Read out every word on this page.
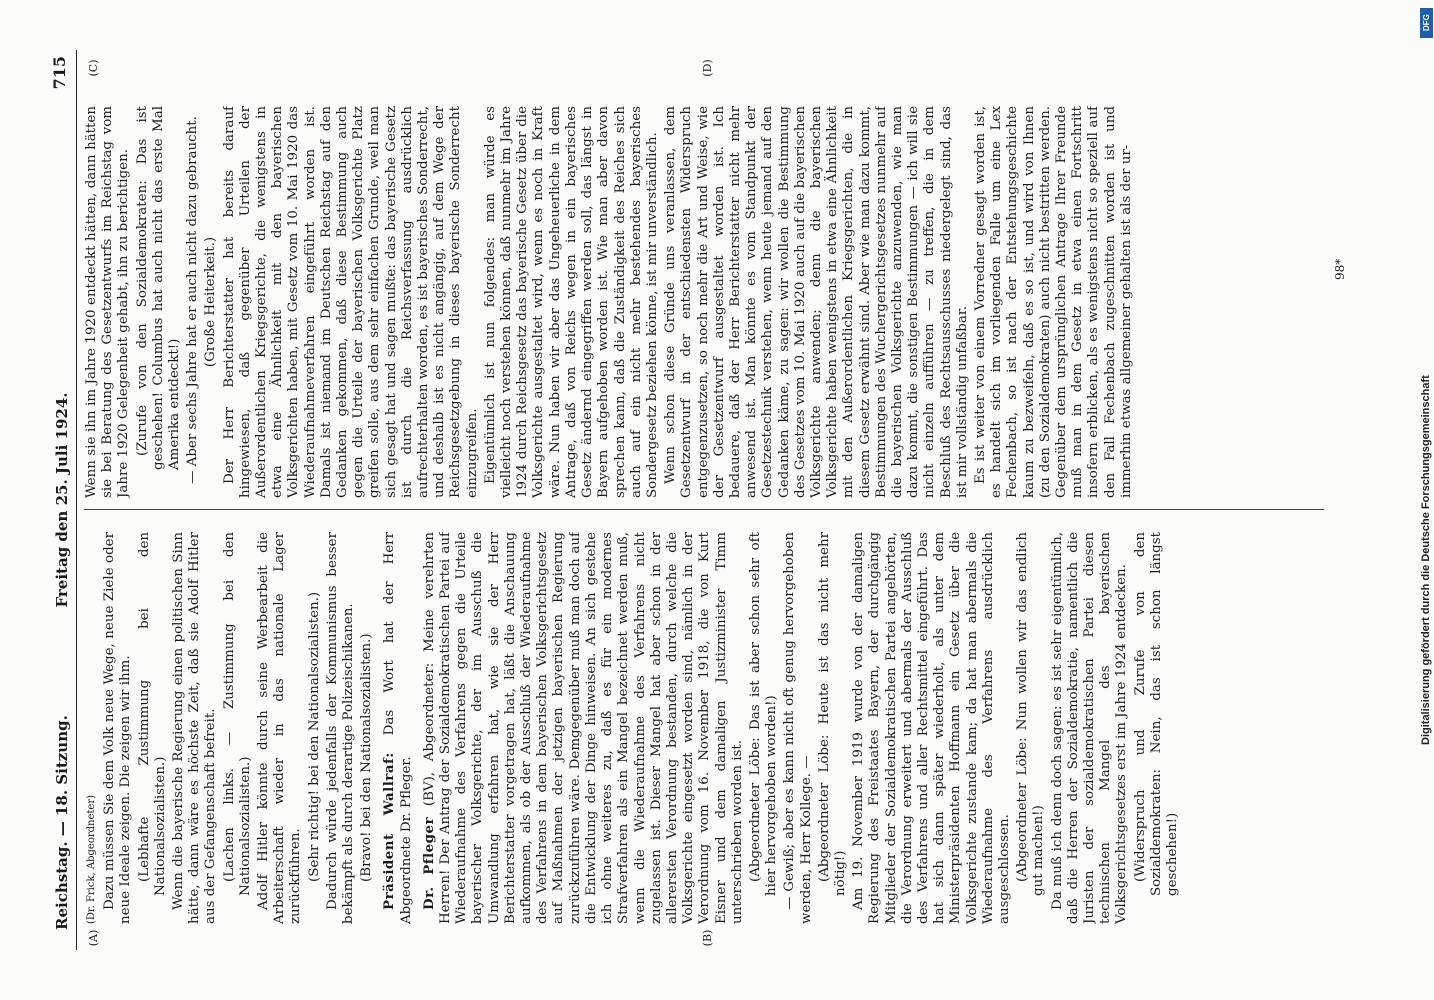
Reichstag. — 18. Sitzung.
Freitag den 25. Juli 1924.
715
(A)	(B)
(C)	(D)

(Dr. Frick, Abgeordneter) Dazu müssen Sie dem Volk neue Wege, neue Ziele oder neue Ideale zeigen. Die zeigen wir ihm. (Lebhafte Zustimmung bei den Nationalsozialisten.) Wenn die bayerische Regierung einen politischen Sinn hätte, dann wäre es höchste Zeit, daß sie Adolf Hitler aus der Gefangenschaft befreit. (Lachen links. — Zustimmung bei den Nationalsozialisten.) Adolf Hitler könnte durch seine Werbearbeit die Arbeiterschaft wieder in das nationale Lager zurückführen. (Sehr richtig! bei den Nationalsozialisten.) Dadurch würde jedenfalls der Kommunismus besser bekämpft als durch derartige Polizeischikanen. (Bravo! bei den Nationalsozialisten.) Präsident Wallraf: Das Wort hat der Herr Abgeordnete Dr. Pfleger. Dr. Pfleger (BV), Abgeordneter: Meine verehrten Herren! Der Antrag der Sozialdemokratischen Partei auf Wiederaufnahme des Verfahrens gegen die Urteile bayerischer Volksgerichte, der im Ausschuß die Umwandlung erfahren hat, wie sie der Herr Berichterstatter vorgetragen hat, läßt die Anschauung aufkommen, als ob der Ausschluß der Wiederaufnahme des Verfahrens in dem bayerischen Volksgerichtsgesetz auf Maßnahmen der jetzigen bayerischen Regierung zurückzuführen wäre. Demgegenüber muß man doch auf die Entwicklung der Dinge hinweisen. An sich gestehe ich ohne weiteres zu, daß es für ein modernes Strafverfahren als ein Mangel bezeichnet werden muß, wenn die Wiederaufnahme des Verfahrens nicht zugelassen ist. Dieser Mangel hat aber schon in der allerersten Verordnung bestanden, durch welche die Volksgerichte eingesetzt worden sind, nämlich in der Verordnung vom 16. November 1918, die von Kurt Eisner und dem damaligen Justizminister Timm unterschrieben worden ist. (Abgeordneter Löbe: Das ist aber schon sehr oft hier hervorgehoben worden!) — Gewiß; aber es kann nicht oft genug hervorgehoben werden, Herr Kollege. — (Abgeordneter Löbe: Heute ist das nicht mehr nötig!) Am 19. November 1919 wurde von der damaligen Regierung des Freistaates Bayern, der durchgängig Mitglieder der Sozialdemokratischen Partei angehörten, die Verordnung erweitert und abermals der Ausschluß des Verfahrens und aller Rechtsmittel eingeführt. Das hat sich dann später wiederholt, als unter dem Ministerpräsidenten Hoffmann ein Gesetz über die Volksgerichte zustande kam; da hat man abermals die Wiederaufnahme des Verfahrens ausdrücklich ausgeschlossen. (Abgeordneter Löbe: Nun wollen wir das endlich gut machen!) Da muß ich denn doch sagen: es ist sehr eigentümlich, daß die Herren der Sozialdemokratie, namentlich die Juristen der sozialdemokratischen Partei diesen technischen Mangel des bayerischen Volksgerichtsgesetzes erst im Jahre 1924 entdecken. (Widerspruch und Zurufe von den Sozialdemokraten: Nein, das ist schon längst geschehen!)

Wenn sie ihn im Jahre 1920 entdeckt hätten, dann hätten sie bei Beratung des Gesetzentwurfs im Reichstag vom Jahre 1920 Gelegenheit gehabt, ihn zu berichtigen. (Zurufe von den Sozialdemokraten: Das ist geschehen! Columbus hat auch nicht das erste Mal Amerika entdeckt!) — Aber sechs Jahre hat er auch nicht dazu gebraucht. (Große Heiterkeit.) Der Herr Berichterstatter hat bereits darauf hingewiesen, daß gegenüber Urteilen der Außerordentlichen Kriegsgerichte, die wenigstens in etwa eine Ähnlichkeit mit den bayerischen Volksgerichten haben, mit Gesetz vom 10. Mai 1920 das Wiederaufnahmeverfahren eingeführt worden ist. Damals ist niemand im Deutschen Reichstag auf den Gedanken gekommen, daß diese Bestimmung auch gegen die Urteile der bayerischen Volksgerichte Platz greifen solle, aus dem sehr einfachen Grunde, weil man sich gesagt hat und sagen mußte: das bayerische Gesetz ist durch die Reichsverfassung ausdrücklich aufrechterhalten worden, es ist bayerisches Sonderrecht, und deshalb ist es nicht angängig, auf dem Wege der Reichsgesetzgebung in dieses bayerische Sonderrecht einzugreifen. Eigentümlich ist nun folgendes: man würde es vielleicht noch verstehen können, daß nunmehr im Jahre 1924 durch Reichsgesetz das bayerische Gesetz über die Volksgerichte ausgestaltet wird, wenn es noch in Kraft wäre. Nun haben wir aber das Ungeheuerliche in dem Antrage, daß von Reichs wegen in ein bayerisches Gesetz ändernd eingegriffen werden soll, das längst in Bayern aufgehoben worden ist. Wie man aber davon sprechen kann, daß die Zuständigkeit des Reiches sich auch auf ein nicht mehr bestehendes bayerisches Sondergesetz beziehen könne, ist mir unverständlich. Wenn schon diese Gründe uns veranlassen, dem Gesetzentwurf in der entschiedensten Widerspruch entgegenzusetzen, so noch mehr die Art und Weise, wie der Gesetzentwurf ausgestaltet worden ist. Ich bedauere, daß der Herr Berichterstatter nicht mehr anwesend ist. Man könnte es vom Standpunkt der Gesetzestechnik verstehen, wenn heute jemand auf den Gedanken käme, zu sagen: wir wollen die Bestimmung des Gesetzes vom 10. Mai 1920 auch auf die bayerischen Volksgerichte anwenden; denn die bayerischen Volksgerichte haben wenigstens in etwa eine Ähnlichkeit mit den Außerordentlichen Kriegsgerichten, die in diesem Gesetz erwähnt sind. Aber wie man dazu kommt, Bestimmungen des Wuchergerichtsgesetzes nunmehr auf die bayerischen Volksgerichte anzuwenden, wie man dazu kommt, die sonstigen Bestimmungen — ich will sie nicht einzeln aufführen — zu treffen, die in dem Beschluß des Rechtsausschusses niedergelegt sind, das ist mir vollständig unfaßbar. Es ist weiter von einem Vorredner gesagt worden ist, es handelt sich im vorliegenden Falle um eine Lex Fechenbach, so ist nach der Entstehungsgeschichte kaum zu bezweifeln, daß es so ist, und wird von Ihnen (zu den Sozialdemokraten) auch nicht bestritten werden. Gegenüber dem ursprünglichen Antrage Ihrer Freunde muß man in dem Gesetz in etwa einen Fortschritt insofern erblicken, als es wenigstens nicht so speziell auf den Fall Fechenbach zugeschnitten worden ist und immerhin etwas allgemeiner gehalten ist als der ur-	98*
DFG
Digitalisierung gefördert durch die Deutsche Forschungsgemeinschaft
